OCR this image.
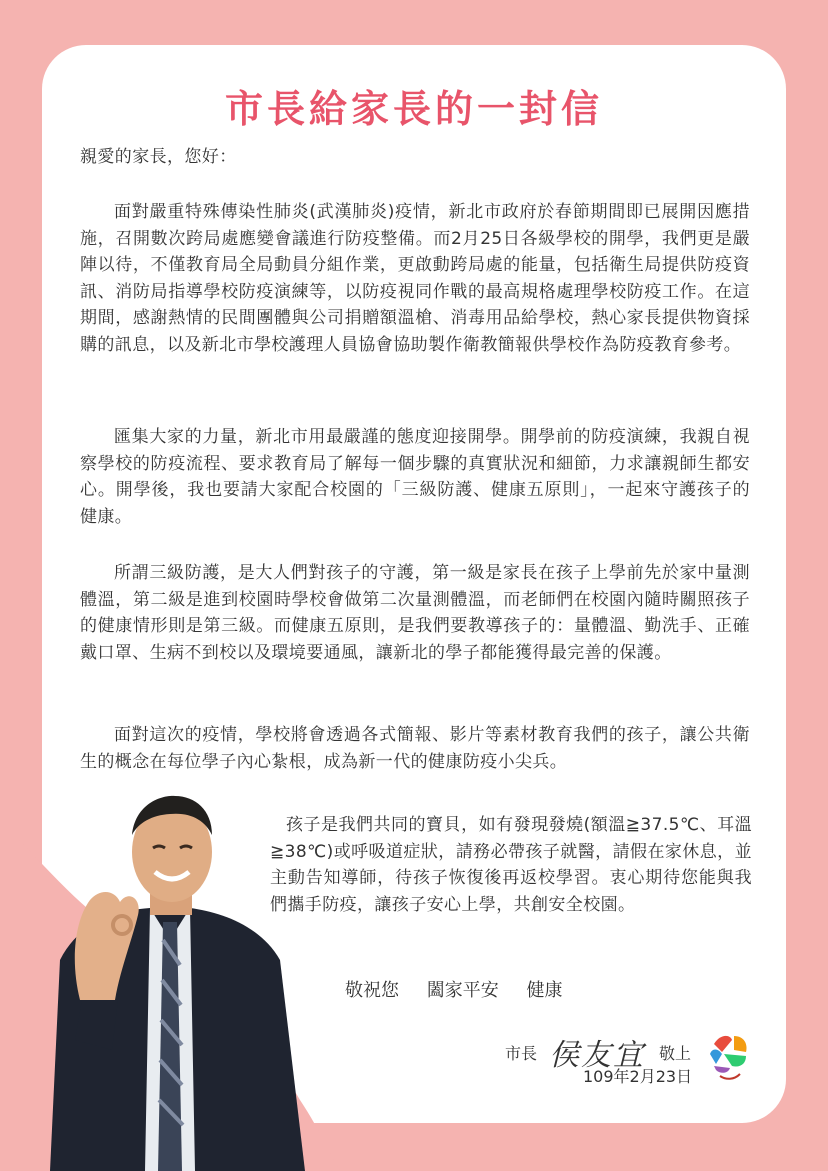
市長給家長的一封信
親愛的家長，您好：
面對嚴重特殊傳染性肺炎(武漢肺炎)疫情，新北市政府於春節期間即已展開因應措施，召開數次跨局處應變會議進行防疫整備。而2月25日各級學校的開學，我們更是嚴陣以待，不僅教育局全局動員分組作業，更啟動跨局處的能量，包括衛生局提供防疫資訊、消防局指導學校防疫演練等，以防疫視同作戰的最高規格處理學校防疫工作。在這期間，感謝熱情的民間團體與公司捐贈額溫槍、消毒用品給學校，熱心家長提供物資採購的訊息，以及新北市學校護理人員協會協助製作衛教簡報供學校作為防疫教育參考。
匯集大家的力量，新北市用最嚴謹的態度迎接開學。開學前的防疫演練，我親自視察學校的防疫流程、要求教育局了解每一個步驟的真實狀況和細節，力求讓親師生都安心。開學後，我也要請大家配合校園的「三級防護、健康五原則」，一起來守護孩子的健康。
所謂三級防護，是大人們對孩子的守護，第一級是家長在孩子上學前先於家中量測體溫，第二級是進到校園時學校會做第二次量測體溫，而老師們在校園內隨時關照孩子的健康情形則是第三級。而健康五原則，是我們要教導孩子的：量體溫、勤洗手、正確戴口罩、生病不到校以及環境要通風，讓新北的學子都能獲得最完善的保護。
面對這次的疫情，學校將會透過各式簡報、影片等素材教育我們的孩子，讓公共衛生的概念在每位學子內心紮根，成為新一代的健康防疫小尖兵。
孩子是我們共同的寶貝，如有發現發燒(額溫≧37.5℃、耳溫≧38℃)或呼吸道症狀，請務必帶孩子就醫，請假在家休息，並主動告知導師，待孩子恢復後再返校學習。衷心期待您能與我們攜手防疫，讓孩子安心上學，共創安全校園。
敬祝您 闔家平安 健康
市長 侯友宜 敬上
109年2月23日
